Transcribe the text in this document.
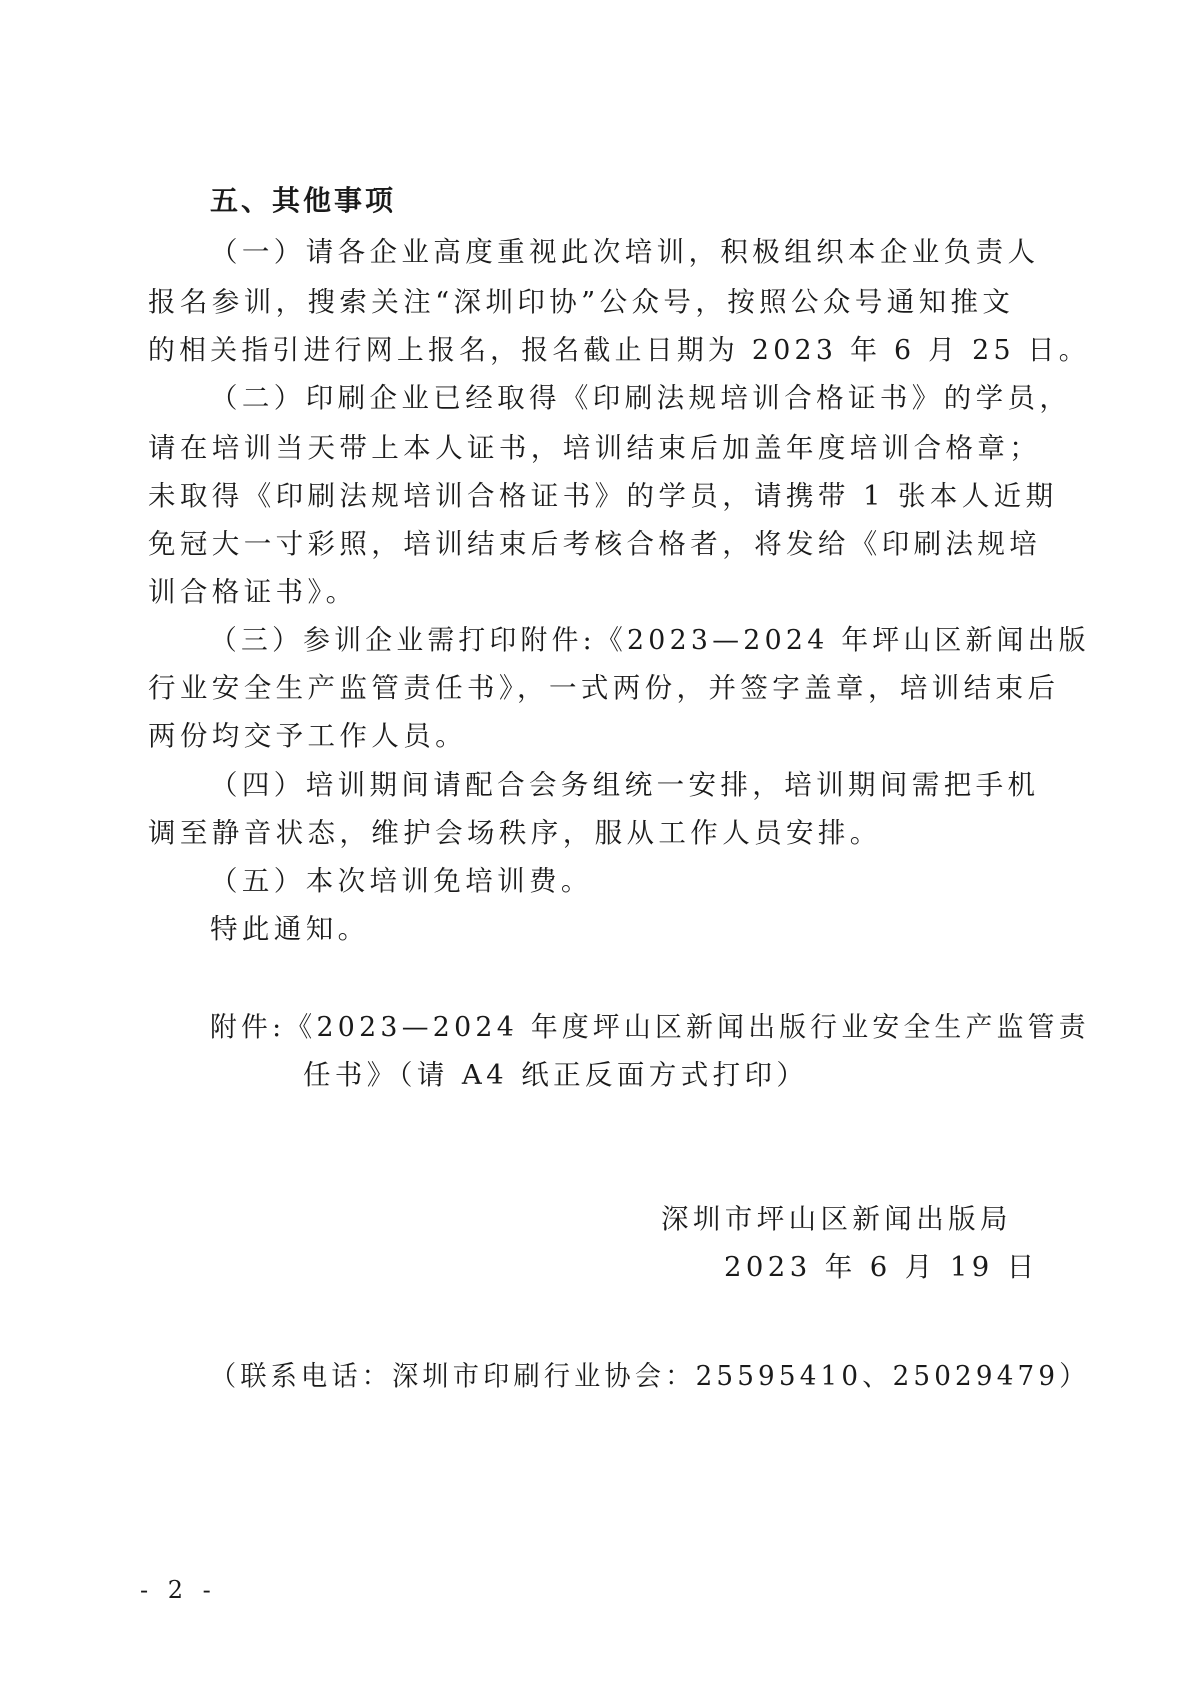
五、其他事项
（一）请各企业高度重视此次培训，积极组织本企业负责人
报名参训，搜索关注“深圳印协”公众号，按照公众号通知推文
的相关指引进行网上报名，报名截止日期为 2023 年 6 月 25 日。
（二）印刷企业已经取得《印刷法规培训合格证书》的学员，
请在培训当天带上本人证书，培训结束后加盖年度培训合格章；
未取得《印刷法规培训合格证书》的学员，请携带 1 张本人近期
免冠大一寸彩照，培训结束后考核合格者，将发给《印刷法规培
训合格证书》。
（三）参训企业需打印附件:《2023—2024 年坪山区新闻出版
行业安全生产监管责任书》，一式两份，并签字盖章，培训结束后
两份均交予工作人员。
（四）培训期间请配合会务组统一安排，培训期间需把手机
调至静音状态，维护会场秩序，服从工作人员安排。
（五）本次培训免培训费。
特此通知。
附件:《2023—2024 年度坪山区新闻出版行业安全生产监管责
任书》（请 A4 纸正反面方式打印）
深圳市坪山区新闻出版局
2023 年 6 月 19 日
（联系电话：深圳市印刷行业协会：25595410、25029479）
- 2 -
